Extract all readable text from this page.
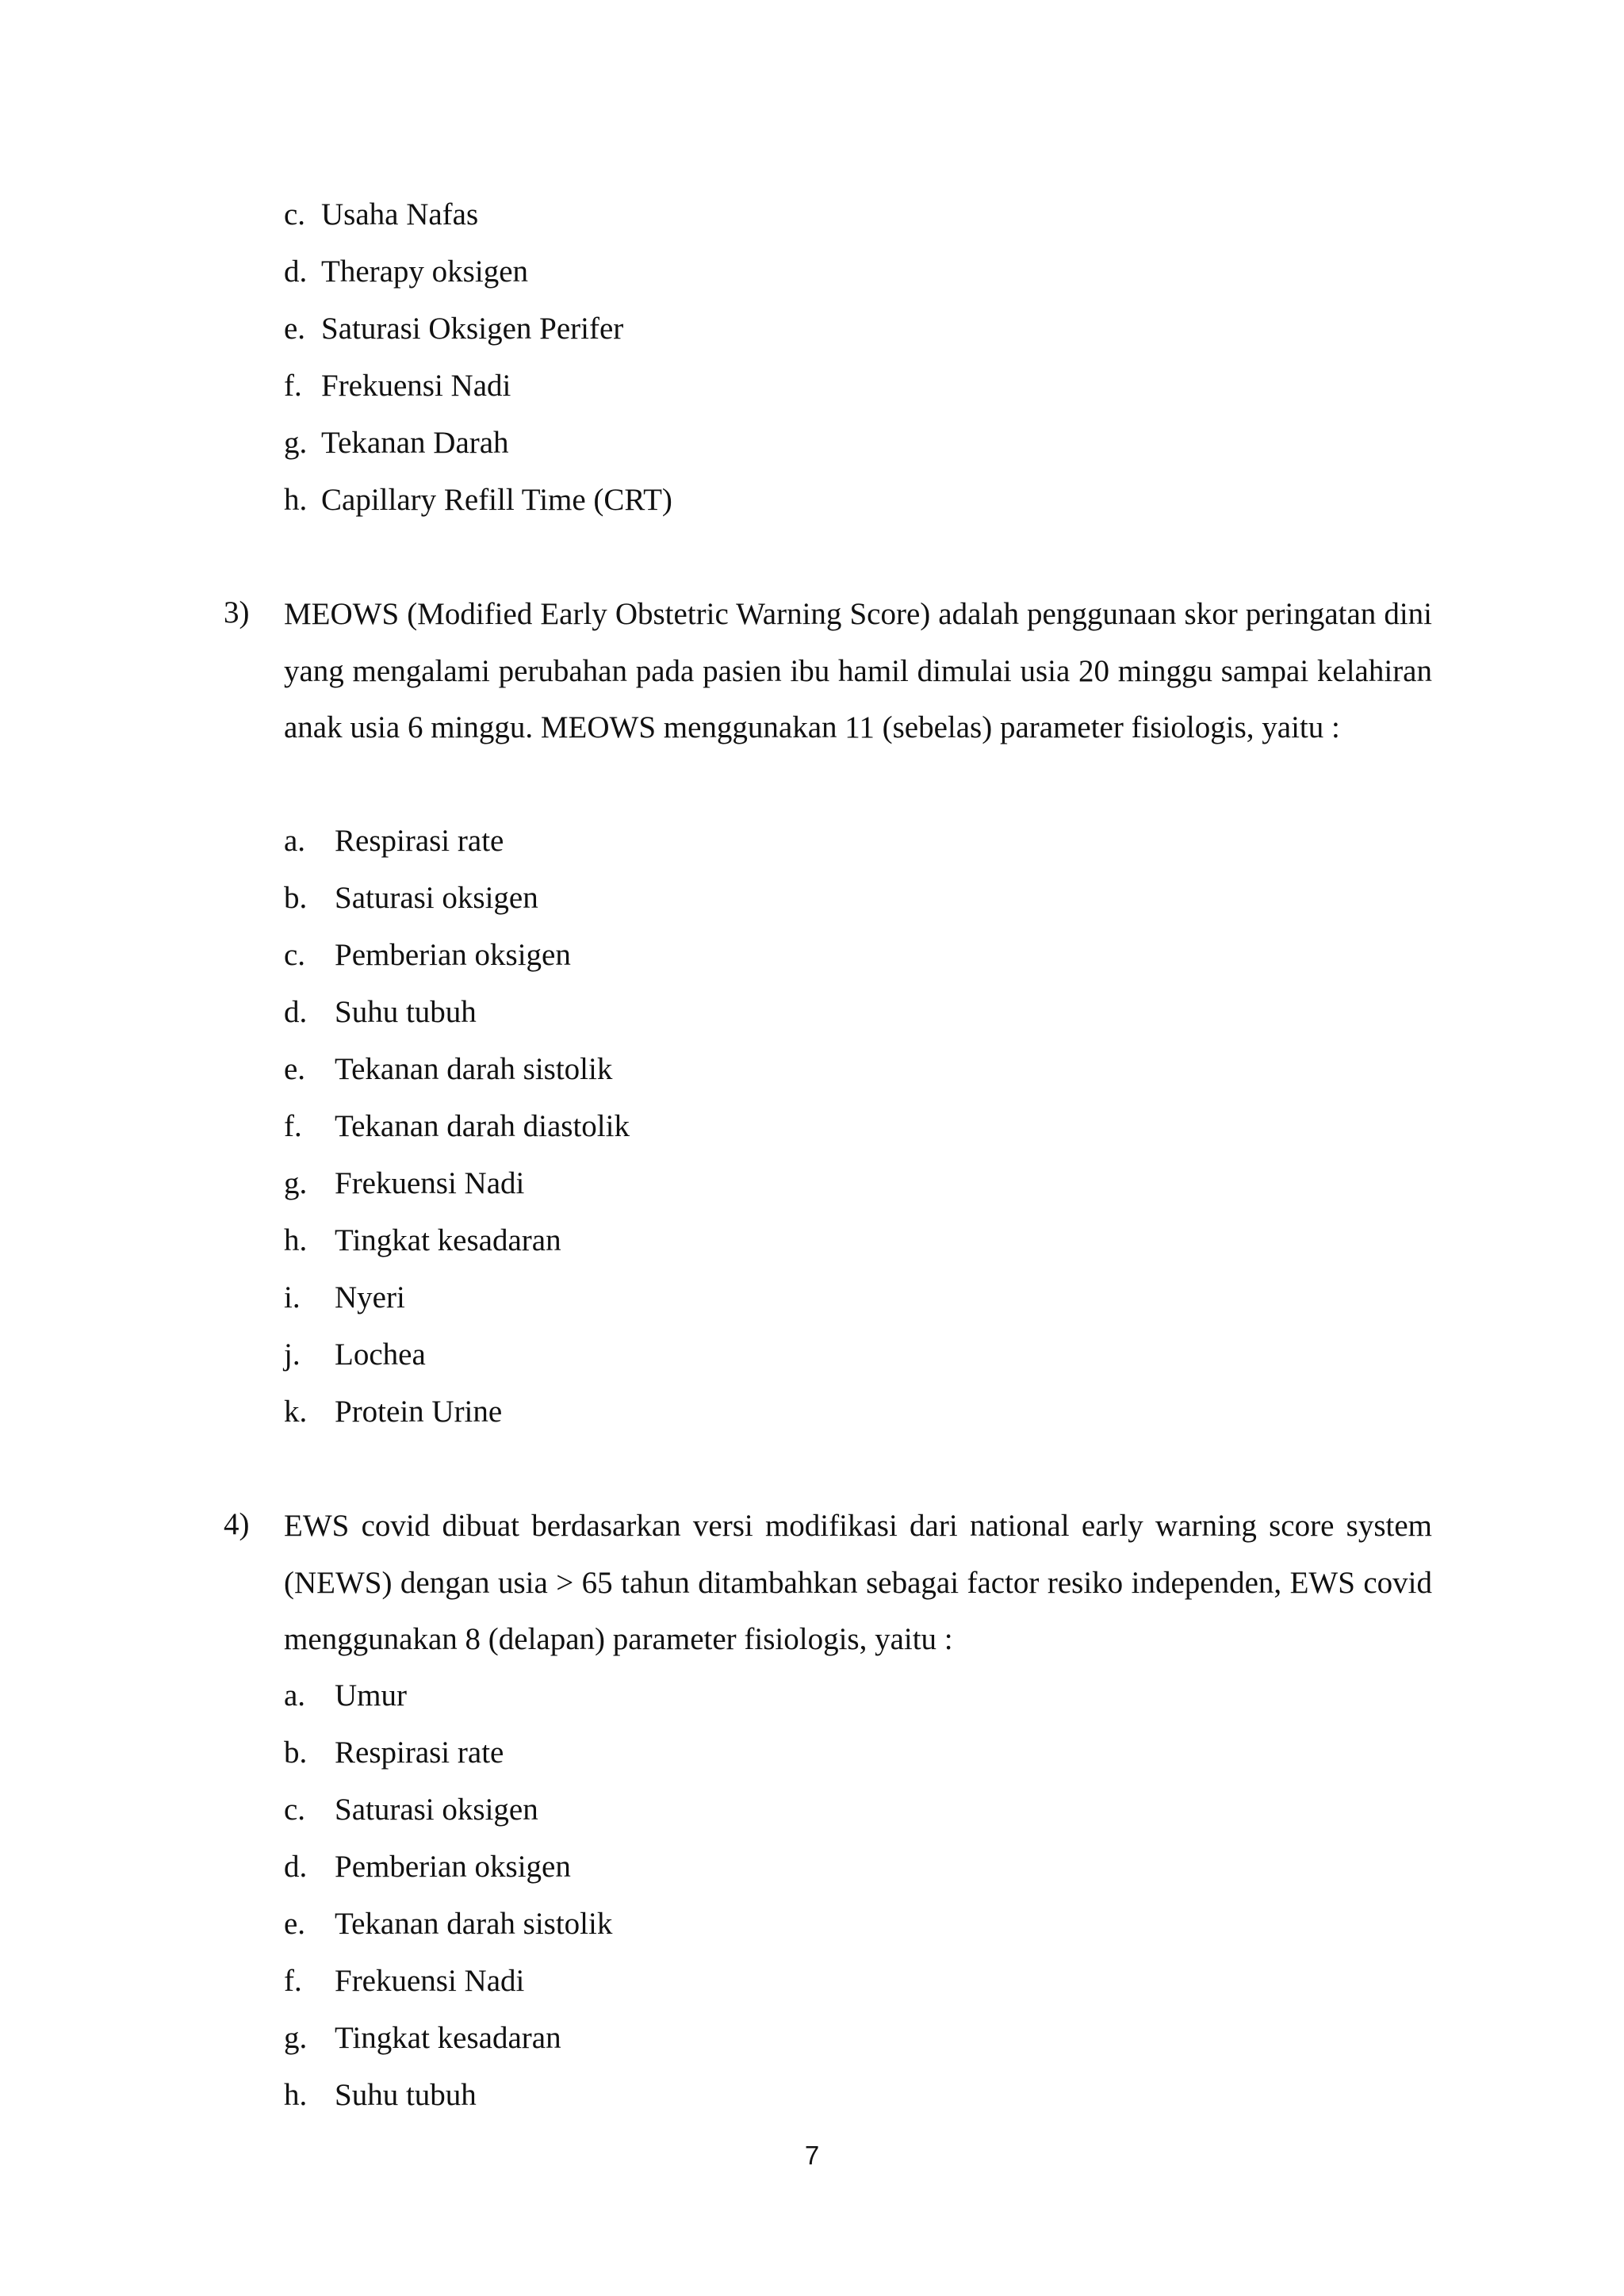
c. Usaha Nafas
d. Therapy oksigen
e. Saturasi Oksigen Perifer
f. Frekuensi Nadi
g. Tekanan Darah
h. Capillary Refill Time (CRT)
3) MEOWS (Modified Early Obstetric Warning Score) adalah penggunaan skor peringatan dini yang mengalami perubahan pada pasien ibu hamil dimulai usia 20 minggu sampai kelahiran anak usia 6 minggu. MEOWS menggunakan 11 (sebelas) parameter fisiologis, yaitu :

a. Respirasi rate
b. Saturasi oksigen
c. Pemberian oksigen
d. Suhu tubuh
e. Tekanan darah sistolik
f. Tekanan darah diastolik
g. Frekuensi Nadi
h. Tingkat kesadaran
i. Nyeri
j. Lochea
k. Protein Urine
4) EWS covid dibuat berdasarkan versi modifikasi dari national early warning score system (NEWS) dengan usia > 65 tahun ditambahkan sebagai factor resiko independen, EWS covid menggunakan 8 (delapan) parameter fisiologis, yaitu :

a. Umur
b. Respirasi rate
c. Saturasi oksigen
d. Pemberian oksigen
e. Tekanan darah sistolik
f. Frekuensi Nadi
g. Tingkat kesadaran
h. Suhu tubuh
7
